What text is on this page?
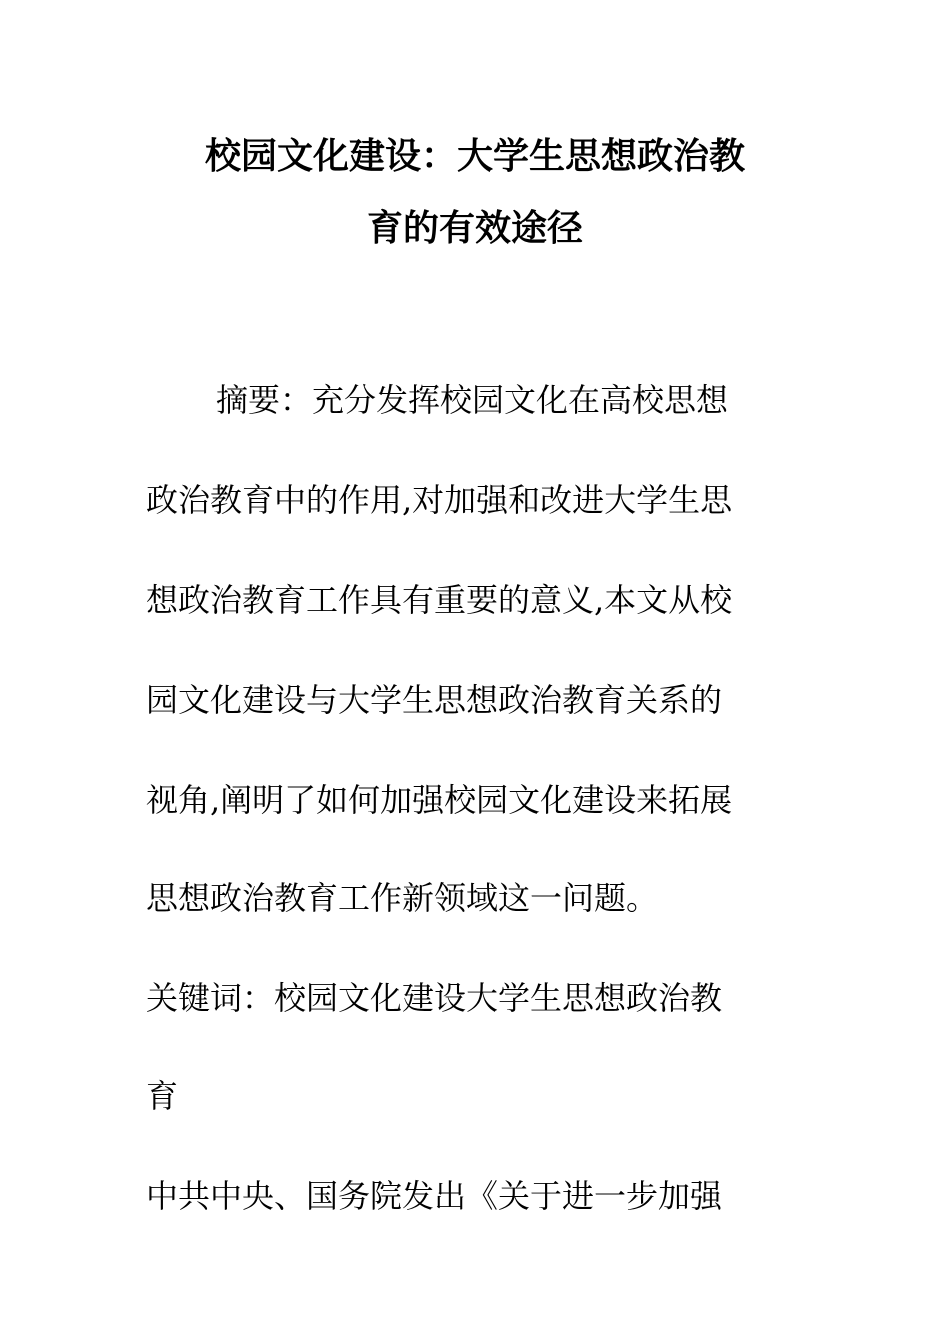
校园文化建设：大学生思想政治教
育的有效途径

摘要：充分发挥校园文化在高校思想

政治教育中的作用,对加强和改进大学生思

想政治教育工作具有重要的意义,本文从校

园文化建设与大学生思想政治教育关系的

视角,阐明了如何加强校园文化建设来拓展

思想政治教育工作新领域这一问题。

关键词：校园文化建设大学生思想政治教

育

中共中央、国务院发出《关于进一步加强
